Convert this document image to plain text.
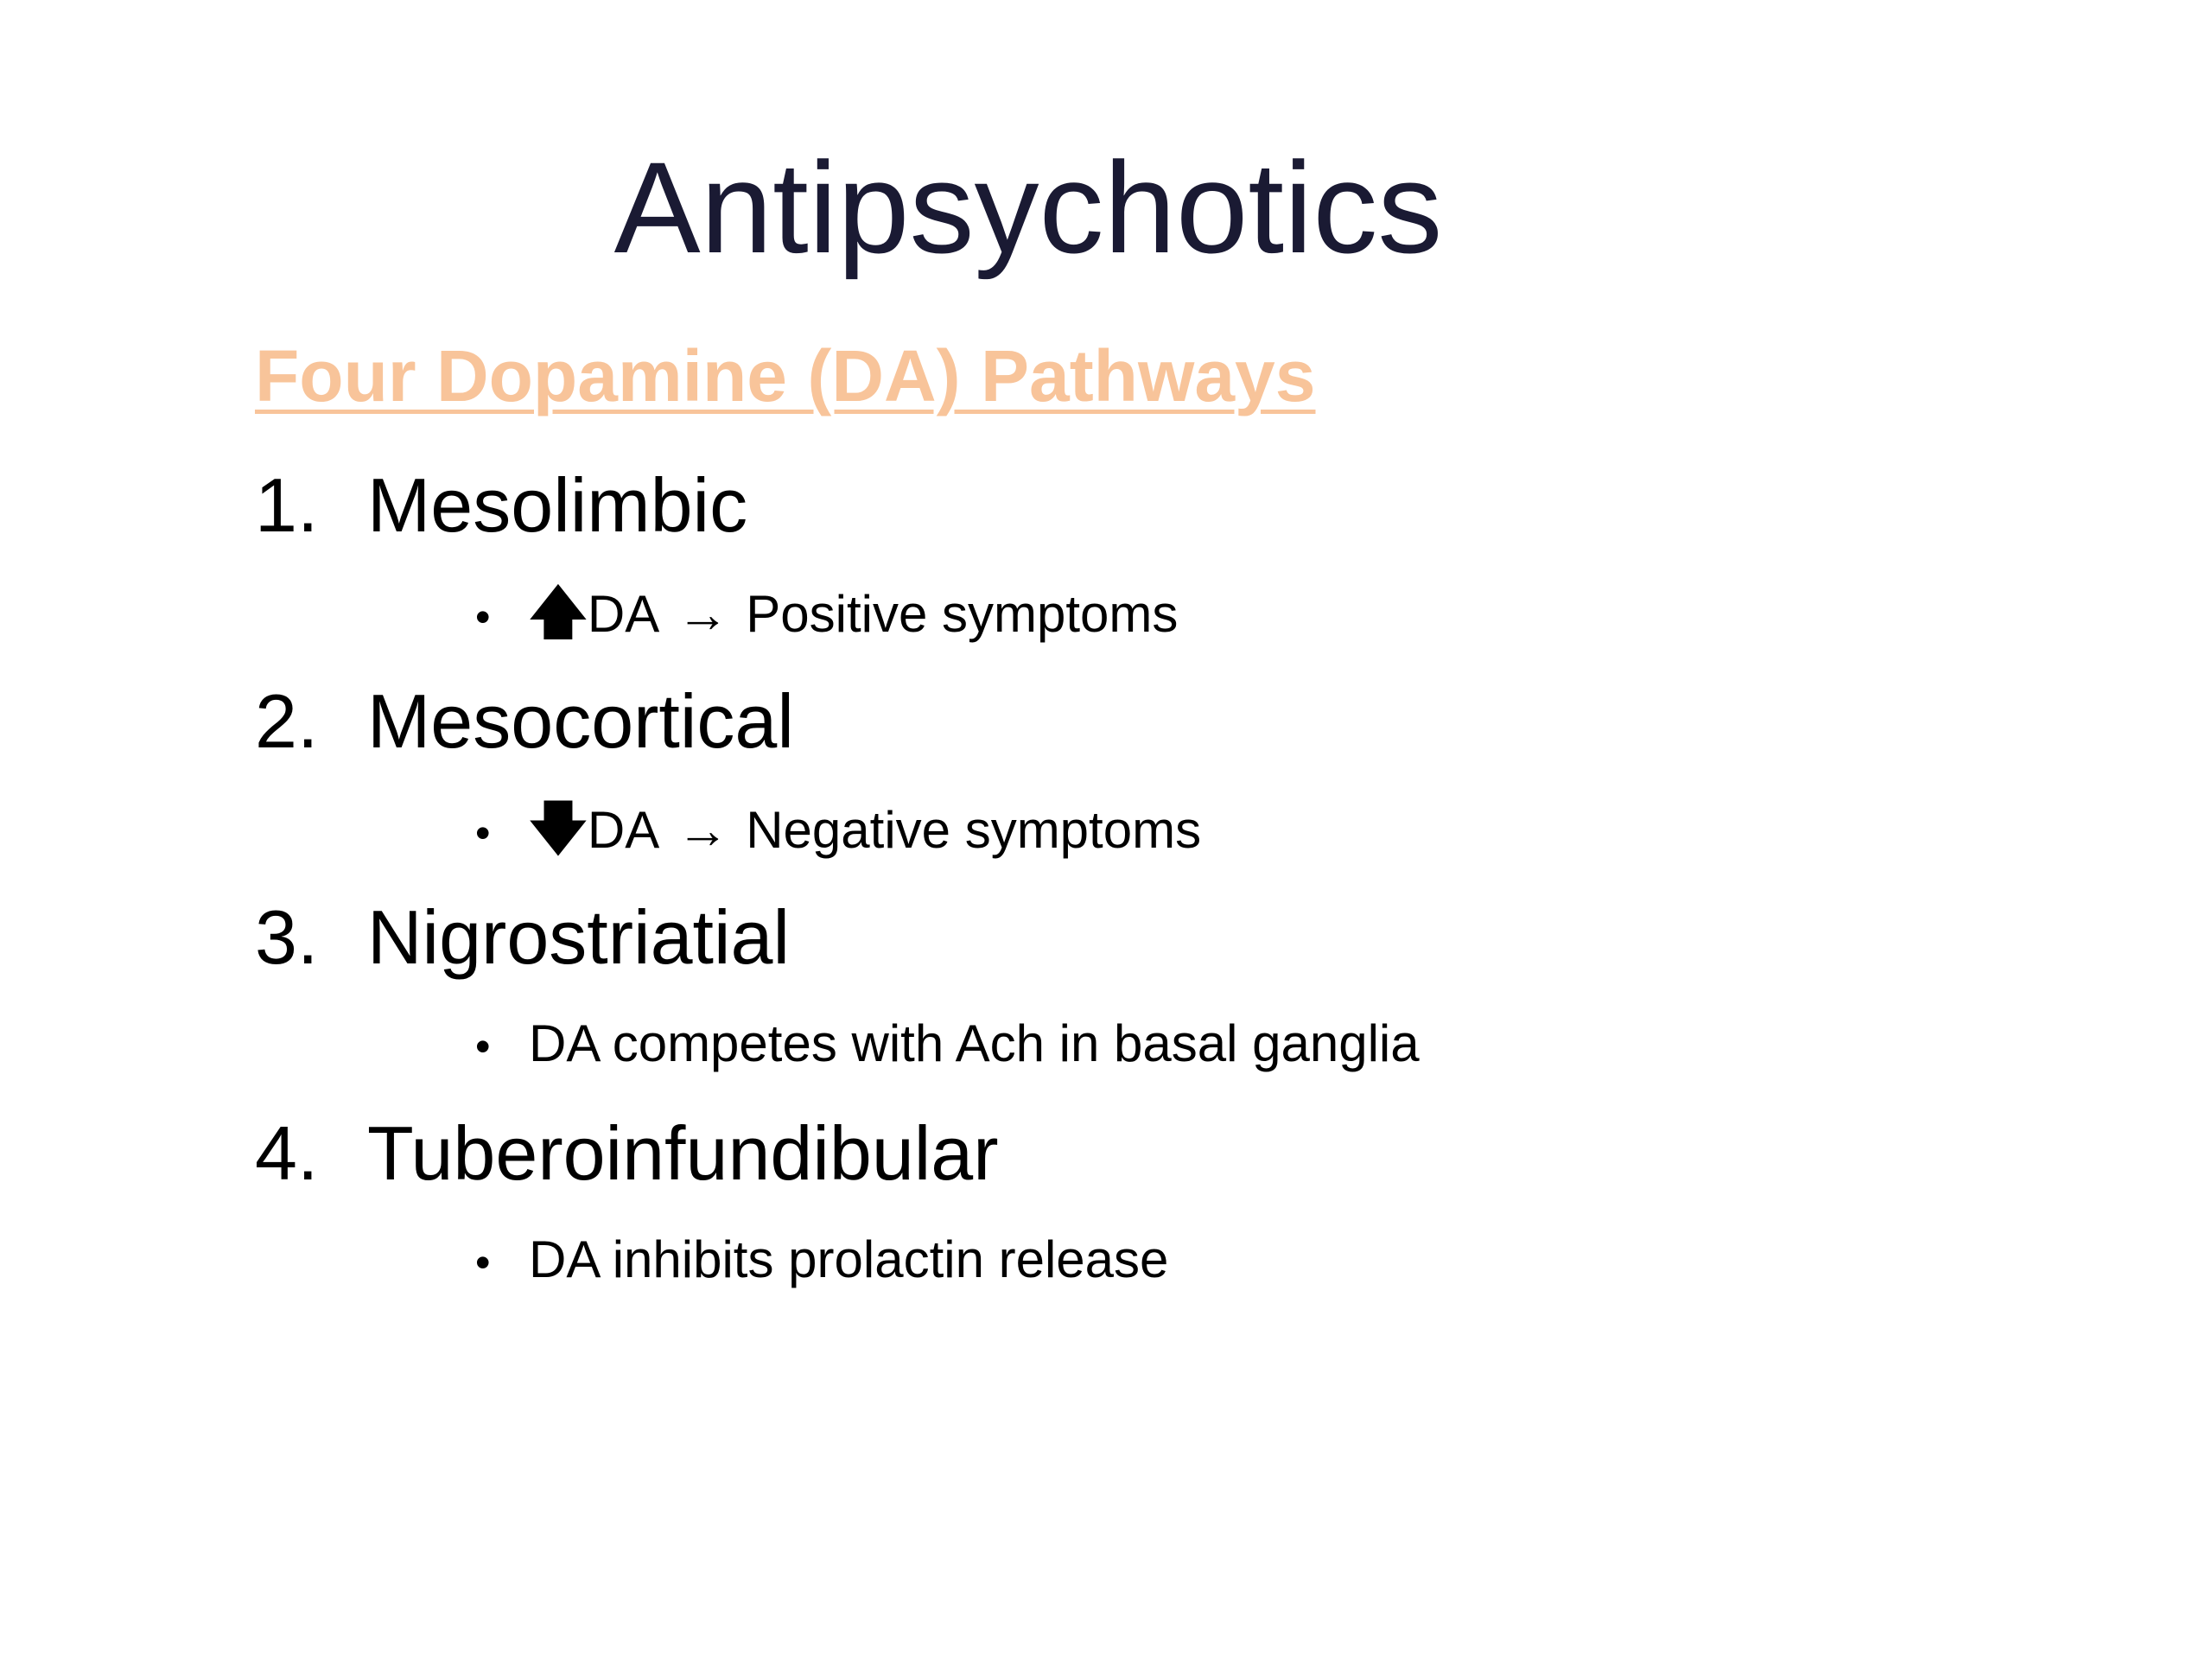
Antipsychotics
Four Dopamine (DA) Pathways
1. Mesolimbic
• 🡅DA → Positive symptoms
2. Mesocortical
• 🡇DA → Negative symptoms
3. Nigrostriatial
• DA competes with Ach in basal ganglia
4. Tuberoinfundibular
• DA inhibits prolactin release
